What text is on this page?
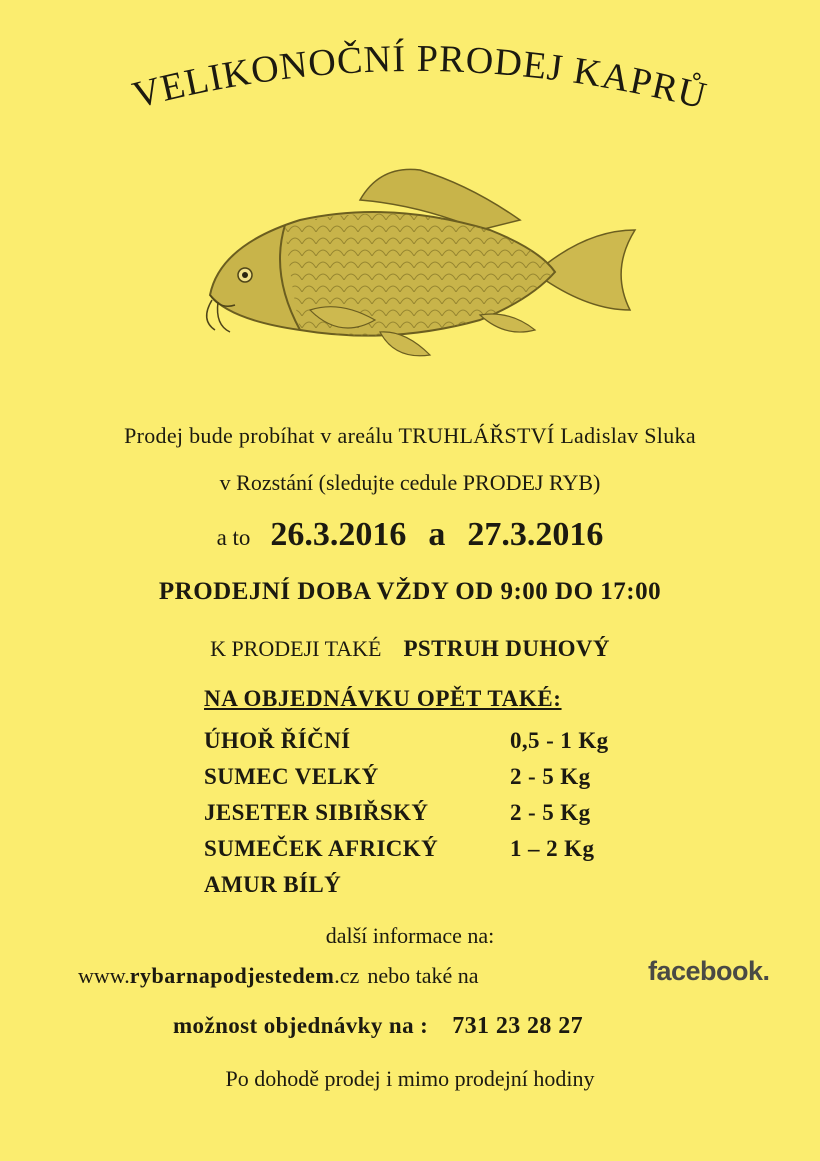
VELIKONOČNÍ PRODEJ KAPRŮ
Prodej bude probíhat v areálu TRUHLÁŘSTVÍ Ladislav Sluka
v Rozstání (sledujte cedule PRODEJ RYB)
a to 26.3.2016 a 27.3.2016
PRODEJNÍ DOBA VŽDY OD 9:00 DO 17:00
K PRODEJI TAKÉ PSTRUH DUHOVÝ
NA OBJEDNÁVKU OPĚT TAKÉ:
ÚHOŘ ŘÍČNÍ	0,5 - 1 Kg
SUMEC VELKÝ	2 - 5 Kg
JESETER SIBIŘSKÝ	2 - 5 Kg
SUMEČEK AFRICKÝ	1 – 2 Kg
AMUR BÍLÝ
další informace na:
www.rybarnapodjestedem.cz nebo také na	facebook.
možnost objednávky na : 731 23 28 27
Po dohodě prodej i mimo prodejní hodiny
